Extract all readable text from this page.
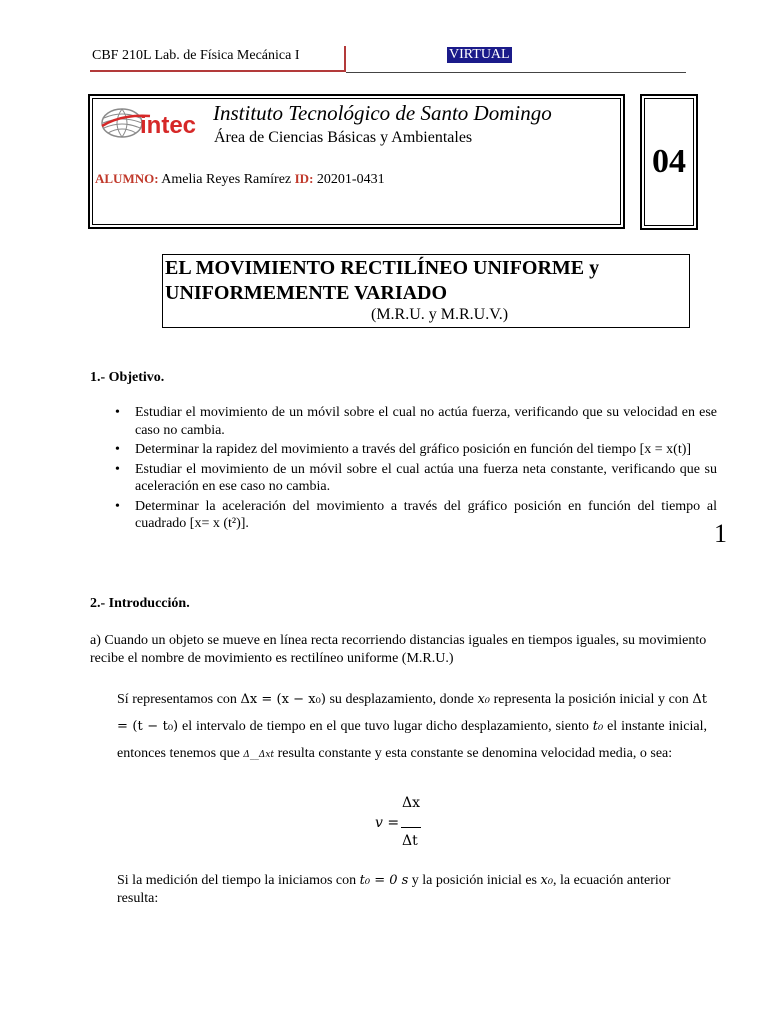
CBF 210L Lab. de Física Mecánica I	VIRTUAL
intec Instituto Tecnológico de Santo Domingo
Área de Ciencias Básicas y Ambientales
ALUMNO: Amelia Reyes Ramírez ID: 20201-0431	04
EL MOVIMIENTO RECTILÍNEO UNIFORME y
UNIFORMEMENTE VARIADO
(M.R.U. y M.R.U.V.)
1.- Objetivo.
• Estudiar el movimiento de un móvil sobre el cual no actúa fuerza, verificando que su velocidad en ese caso no cambia.
• Determinar la rapidez del movimiento a través del gráfico posición en función del tiempo [x = x(t)]
• Estudiar el movimiento de un móvil sobre el cual actúa una fuerza neta constante, verificando que su aceleración en ese caso no cambia.
• Determinar la aceleración del movimiento a través del gráfico posición en función del tiempo al cuadrado [x= x (t²)].	1
2.- Introducción.
a) Cuando un objeto se mueve en línea recta recorriendo distancias iguales en tiempos iguales, su movimiento recibe el nombre de movimiento es rectilíneo uniforme (M.R.U.)
Sí representamos con Δx = (x − x₀) su desplazamiento, donde x₀ representa la posición inicial y con Δt = (t − t₀) el intervalo de tiempo en el que tuvo lugar dicho desplazamiento, siento t₀ el instante inicial, entonces tenemos que Δ__Δxt resulta constante y esta constante se denomina velocidad media, o sea:
Δx
v =
Δt
Si la medición del tiempo la iniciamos con t₀ = 0 s y la posición inicial es x₀, la ecuación anterior resulta:
